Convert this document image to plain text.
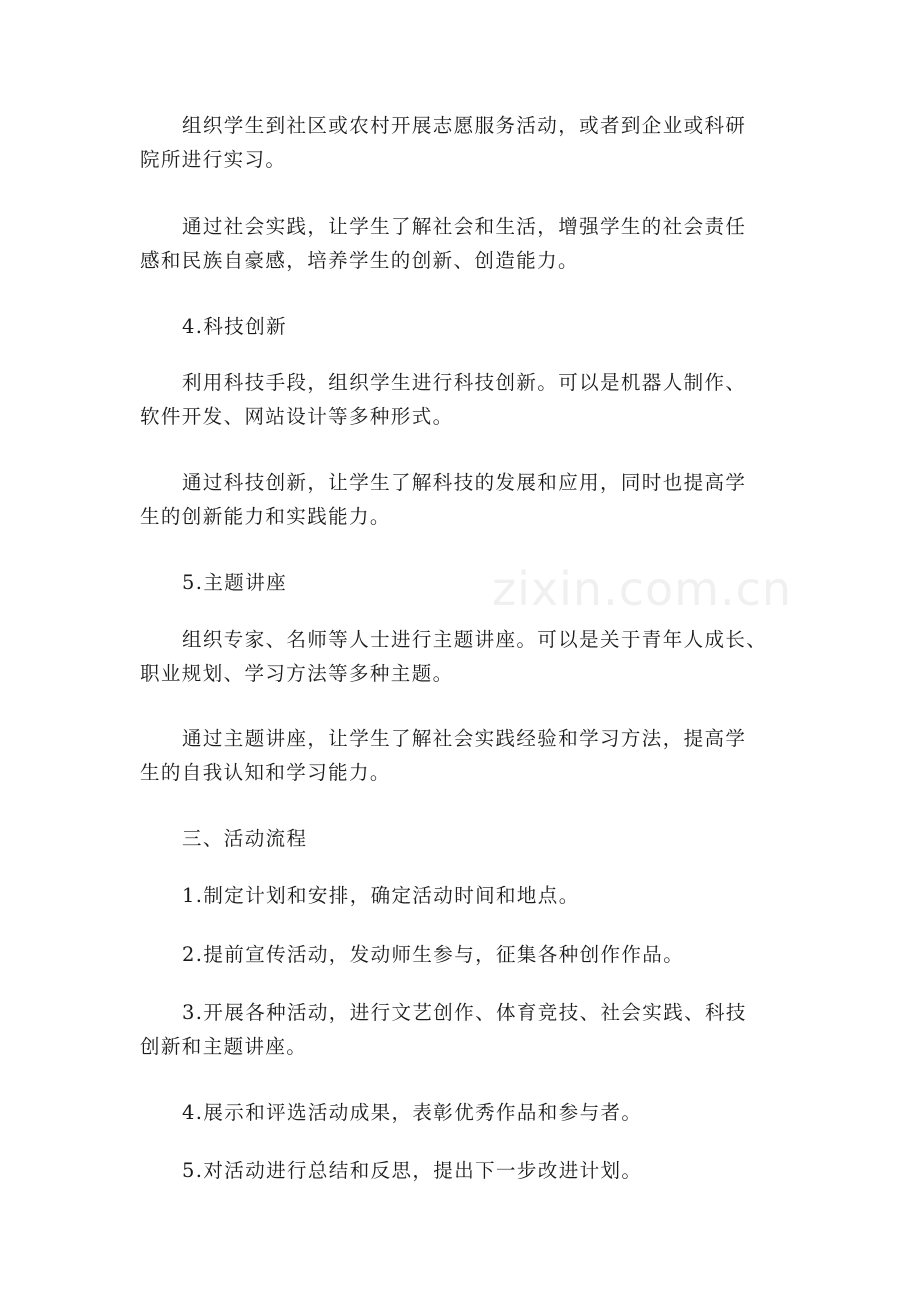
组织学生到社区或农村开展志愿服务活动，或者到企业或科研
院所进行实习。

通过社会实践，让学生了解社会和生活，增强学生的社会责任
感和民族自豪感，培养学生的创新、创造能力。

4.科技创新

利用科技手段，组织学生进行科技创新。可以是机器人制作、
软件开发、网站设计等多种形式。

通过科技创新，让学生了解科技的发展和应用，同时也提高学
生的创新能力和实践能力。

5.主题讲座

组织专家、名师等人士进行主题讲座。可以是关于青年人成长、
职业规划、学习方法等多种主题。

通过主题讲座，让学生了解社会实践经验和学习方法，提高学
生的自我认知和学习能力。

三、活动流程

1.制定计划和安排，确定活动时间和地点。

2.提前宣传活动，发动师生参与，征集各种创作作品。

3.开展各种活动，进行文艺创作、体育竞技、社会实践、科技
创新和主题讲座。

4.展示和评选活动成果，表彰优秀作品和参与者。

5.对活动进行总结和反思，提出下一步改进计划。

zixin.com.cn
